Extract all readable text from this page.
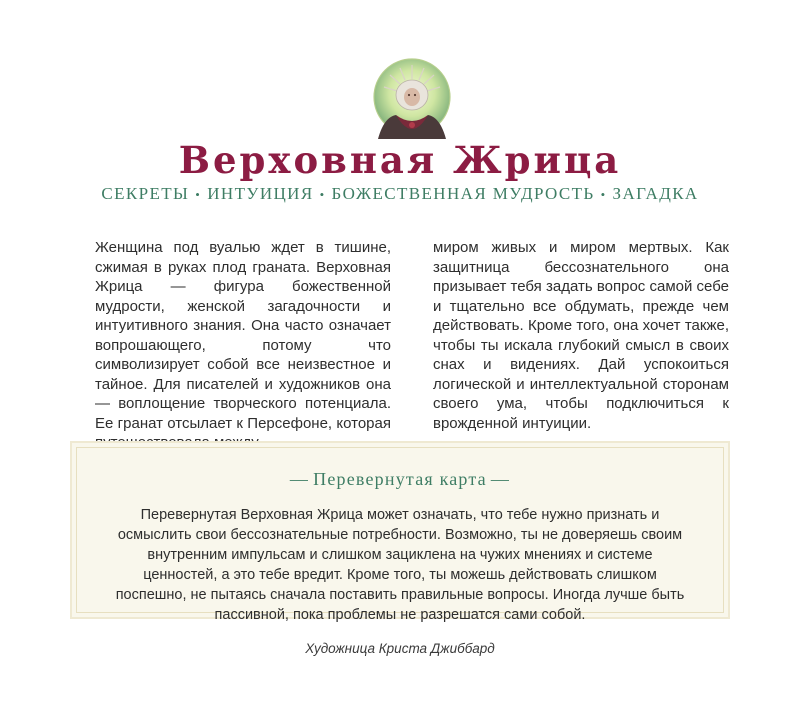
Верховная Жрица
СЕКРЕТЫ • ИНТУИЦИЯ • БОЖЕСТВЕННАЯ МУДРОСТЬ • ЗАГАДКА

Женщина под вуалью ждет в тишине, сжимая в руках плод граната. Верховная Жрица — фигура божественной мудрости, женской загадочности и интуитивного знания. Она часто означает вопрошающего, потому что символизирует собой все неизвестное и тайное. Для писателей и художников она — воплощение творческого потенциала. Ее гранат отсылает к Персефоне, которая

миром живых и миром мертвых. Как защитница бессознательного она призывает тебя задать вопрос самой себе и тщательно все обдумать, прежде чем действовать. Кроме того, она хочет также, чтобы ты искала глубокий смысл в своих снах и видениях. Дай успокоиться логической и интеллектуальной сторонам своего ума, чтобы подключиться к врожденной интуиции.

— Перевернутая карта —

Перевернутая Верховная Жрица может означать, что тебе нужно признать и осмыслить свои бессознательные потребности. Возможно, ты не доверяешь своим внутренним импульсам и слишком зациклена на чужих мнениях и системе ценностей, а это тебе вредит. Кроме того, ты можешь действовать слишком поспешно, не пытаясь сначала поставить правильные вопросы. Иногда лучше быть пассивной, пока проблемы не разрешатся сами собой.

Художница Криста Джиббард
